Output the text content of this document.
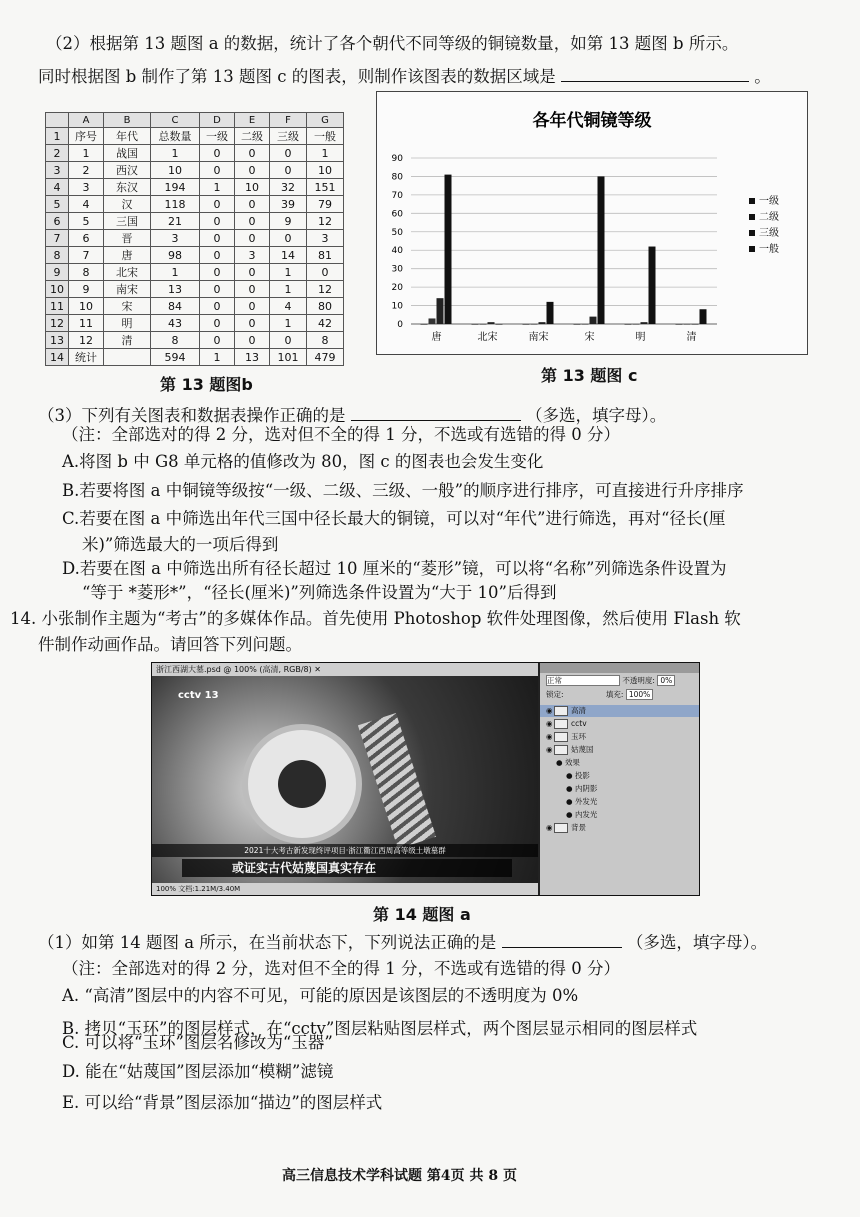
（2）根据第 13 题图 a 的数据，统计了各个朝代不同等级的铜镜数量，如第 13 题图 b 所示。
同时根据图 b 制作了第 13 题图 c 的图表，则制作该图表的数据区域是	。
	A	B	C	D	E	F	G
1	序号	年代	总数量	一级	二级	三级	一般
2	1	战国	1	0	0	0	1
3	2	西汉	10	0	0	0	10
4	3	东汉	194	1	10	32	151
5	4	汉	118	0	0	39	79
6	5	三国	21	0	0	9	12
7	6	晋	3	0	0	0	3
8	7	唐	98	0	3	14	81
9	8	北宋	1	0	0	1	0
10	9	南宋	13	0	0	1	12
11	10	宋	84	0	0	4	80
12	11	明	43	0	0	1	42
13	12	清	8	0	0	0	8
14	统计		594	1	13	101	479
第 13 题图b
各年代铜镜等级
0
10
20
30
40
50
60
70
80
90
唐	北宋	南宋	宋	明	清
一级
二级
三级
一般
第 13 题图 c
（3）下列有关图表和数据表操作正确的是	（多选，填字母）。
（注：全部选对的得 2 分，选对但不全的得 1 分，不选或有选错的得 0 分）
A.将图 b 中 G8 单元格的值修改为 80，图 c 的图表也会发生变化
B.若要将图 a 中铜镜等级按“一级、二级、三级、一般”的顺序进行排序，可直接进行升序排序
C.若要在图 a 中筛选出年代三国中径长最大的铜镜，可以对“年代”进行筛选，再对“径长(厘
米)”筛选最大的一项后得到
D.若要在图 a 中筛选出所有径长超过 10 厘米的“菱形”镜，可以将“名称”列筛选条件设置为
“等于 *菱形*”，“径长(厘米)”列筛选条件设置为“大于 10”后得到
14. 小张制作主题为“考古”的多媒体作品。首先使用 Photoshop 软件处理图像，然后使用 Flash 软
件制作动画作品。请回答下列问题。
浙江西湖大墓.psd @ 100% (高清, RGB/8) ✕
cctv 13
2021十大考古新发现终评项目·浙江衢江西周高等级土墩墓群
或证实古代姑蔑国真实存在
100% 文档:1.21M/3.40M
正常	不透明度: 0%
锁定:	填充: 100%
◉ 高清
◉ cctv
◉ 玉环
◉ 姑蔑国
● 效果
● 投影
● 内阴影
● 外发光
● 内发光
◉ 背景
第 14 题图 a
（1）如第 14 题图 a 所示，在当前状态下，下列说法正确的是	（多选，填字母）。
（注：全部选对的得 2 分，选对但不全的得 1 分，不选或有选错的得 0 分）
A. “高清”图层中的内容不可见，可能的原因是该图层的不透明度为 0%
B. 拷贝“玉环”的图层样式，在“cctv”图层粘贴图层样式，两个图层显示相同的图层样式
C. 可以将“玉环”图层名修改为“玉器”
D. 能在“姑蔑国”图层添加“模糊”滤镜
E. 可以给“背景”图层添加“描边”的图层样式
高三信息技术学科试题 第4页 共 8 页
